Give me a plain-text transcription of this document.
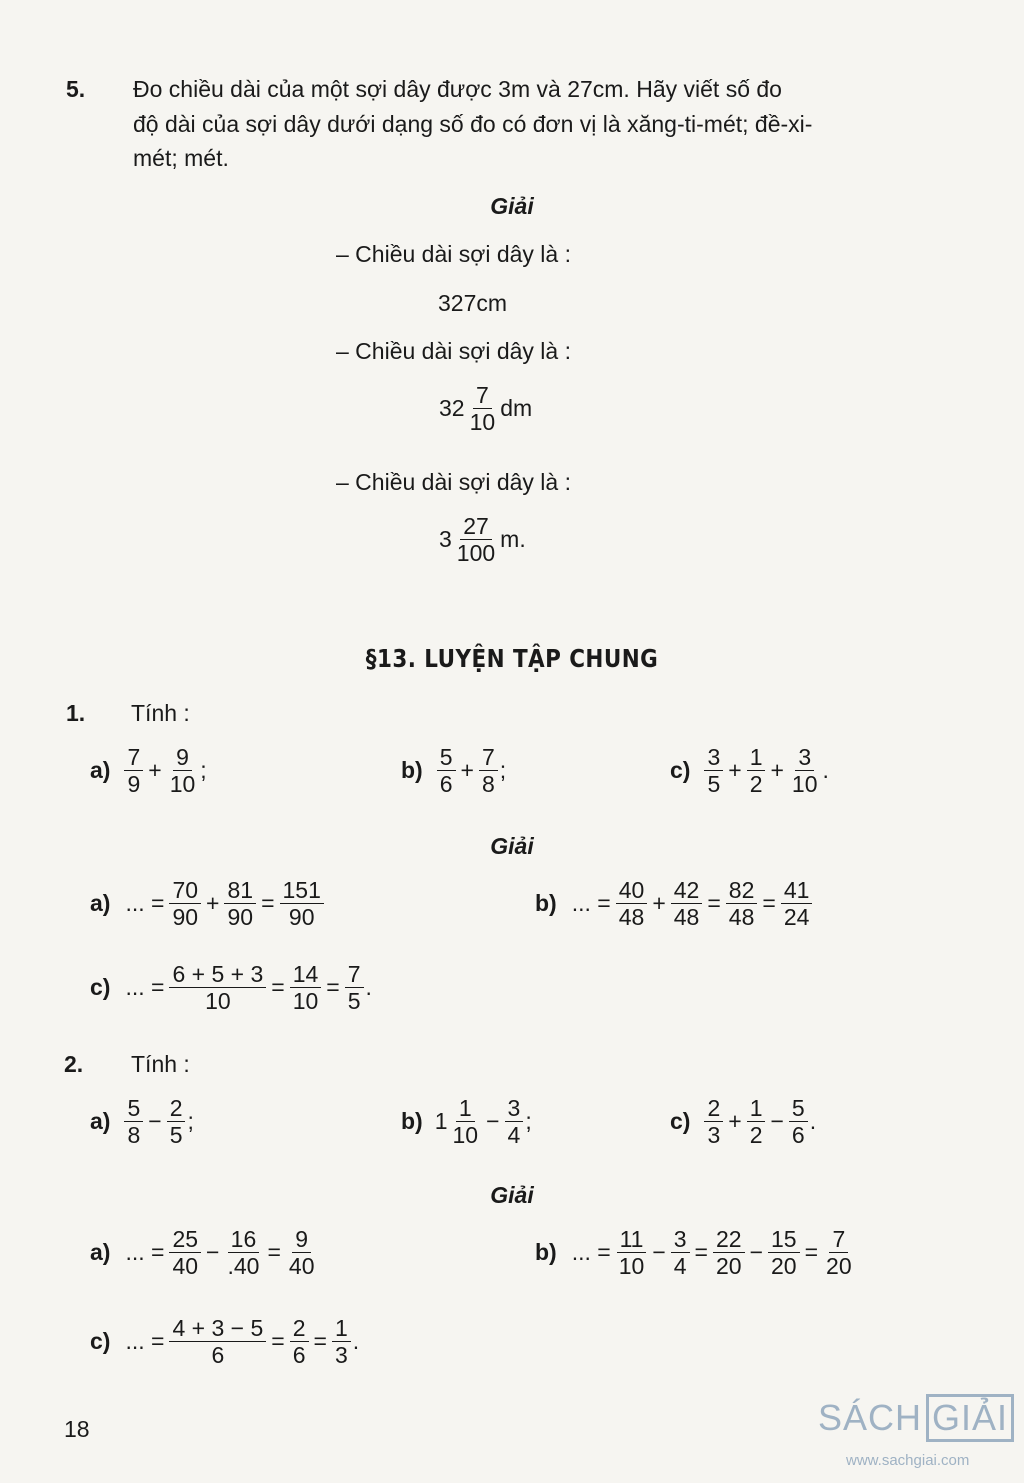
5. Đo chiều dài của một sợi dây được 3m và 27cm. Hãy viết số đo
độ dài của sợi dây dưới dạng số đo có đơn vị là xăng-ti-mét; đề-xi-
mét; mét.
Giải
– Chiều dài sợi dây là :
327cm
– Chiều dài sợi dây là :
$32 \frac{7}{10}$ dm
– Chiều dài sợi dây là :
$3 \frac{27}{100} m$.
§13. LUYỆN TẬP CHUNG
1. Tính :
$a) \frac{7}{9} + \frac{9}{10}$ ;	$b) \frac{5}{6} + \frac{7}{8}$ ;	$c) \frac{3}{5} + \frac{1}{2} + \frac{3}{10}$ .
Giải
a) ... = $\frac{70}{90} + \frac{81}{90} = \frac{151}{90}$	b) ... = $\frac{40}{48} + \frac{42}{48} = \frac{82}{48} = \frac{41}{24}$
c) ... = $\frac{6 + 5 + 3}{10} = \frac{14}{10} = \frac{7}{5}$ .
2. Tính :
$a) \frac{5}{8} - \frac{2}{5}$ ;	b) $1 \frac{1}{10} - \frac{3}{4}$ ;	$c) \frac{2}{3} + \frac{1}{2} - \frac{5}{6}$ .
Giải
a) ... = $\frac{25}{40} - \frac{16}{.40} = \frac{9}{40}$	b) ... = $\frac{11}{10} - \frac{3}{4} = \frac{22}{20} - \frac{15}{20} = \frac{7}{20}$
c) ... = $\frac{4 + 3 - 5}{6} = \frac{2}{6} = \frac{1}{3}$ .
18	SÁCH GIẢI
www.sachgiai.com
